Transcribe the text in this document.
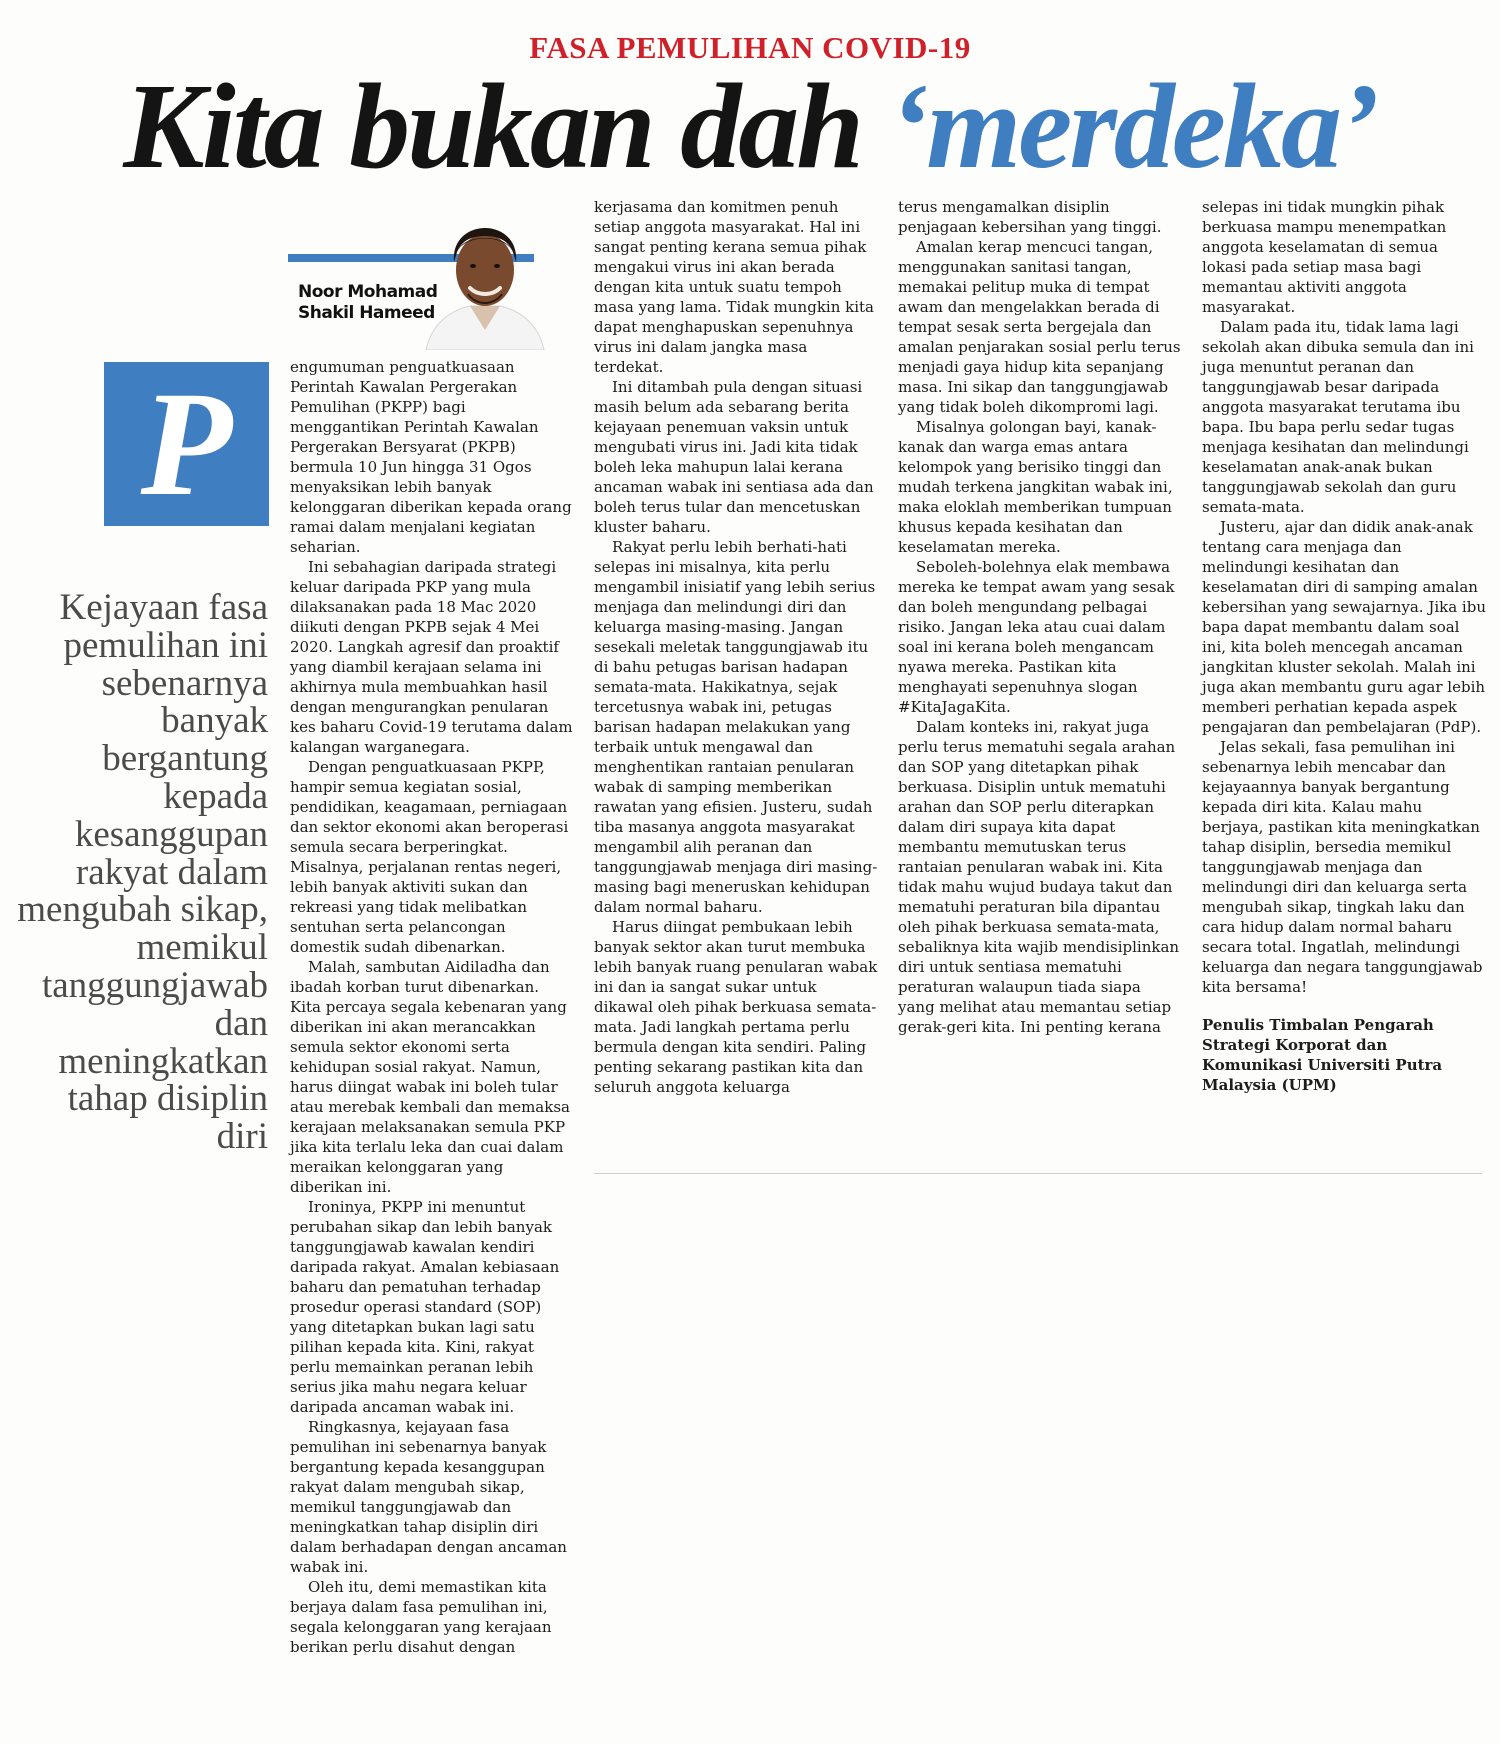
FASA PEMULIHAN COVID-19
Kita bukan dah ‘merdeka’
Noor Mohamad
Shakil Hameed
P
Kejayaan fasa pemulihan ini sebenarnya banyak bergantung kepada kesanggupan rakyat dalam mengubah sikap, memikul tanggungjawab dan meningkatkan tahap disiplin diri

engumuman penguatkuasaan Perintah Kawalan Pergerakan Pemulihan (PKPP) bagi menggantikan Perintah Kawalan Pergerakan Bersyarat (PKPB) bermula 10 Jun hingga 31 Ogos menyaksikan lebih banyak kelonggaran diberikan kepada orang ramai dalam menjalani kegiatan seharian.

Ini sebahagian daripada strategi keluar daripada PKP yang mula dilaksanakan pada 18 Mac 2020 diikuti dengan PKPB sejak 4 Mei 2020. Langkah agresif dan proaktif yang diambil kerajaan selama ini akhirnya mula membuahkan hasil dengan mengurangkan penularan kes baharu Covid-19 terutama dalam kalangan warganegara.

Dengan penguatkuasaan PKPP, hampir semua kegiatan sosial, pendidikan, keagamaan, perniagaan dan sektor ekonomi akan beroperasi semula secara berperingkat. Misalnya, perjalanan rentas negeri, lebih banyak aktiviti sukan dan rekreasi yang tidak melibatkan sentuhan serta pelancongan domestik sudah dibenarkan.

Malah, sambutan Aidiladha dan ibadah korban turut dibenarkan. Kita percaya segala kebenaran yang diberikan ini akan merancakkan semula sektor ekonomi serta kehidupan sosial rakyat. Namun, harus diingat wabak ini boleh tular atau merebak kembali dan memaksa kerajaan melaksanakan semula PKP jika kita terlalu leka dan cuai dalam meraikan kelonggaran yang diberikan ini.

Ironinya, PKPP ini menuntut perubahan sikap dan lebih banyak tanggungjawab kawalan kendiri daripada rakyat. Amalan kebiasaan baharu dan pematuhan terhadap prosedur operasi standard (SOP) yang ditetapkan bukan lagi satu pilihan kepada kita. Kini, rakyat perlu memainkan peranan lebih serius jika mahu negara keluar daripada ancaman wabak ini.

Ringkasnya, kejayaan fasa pemulihan ini sebenarnya banyak bergantung kepada kesanggupan rakyat dalam mengubah sikap, memikul tanggungjawab dan meningkatkan tahap disiplin diri dalam berhadapan dengan ancaman wabak ini.

Oleh itu, demi memastikan kita berjaya dalam fasa pemulihan ini, segala kelonggaran yang kerajaan berikan perlu disahut dengan

kerjasama dan komitmen penuh setiap anggota masyarakat. Hal ini sangat penting kerana semua pihak mengakui virus ini akan berada dengan kita untuk suatu tempoh masa yang lama. Tidak mungkin kita dapat menghapuskan sepenuhnya virus ini dalam jangka masa terdekat.

Ini ditambah pula dengan situasi masih belum ada sebarang berita kejayaan penemuan vaksin untuk mengubati virus ini. Jadi kita tidak boleh leka mahupun lalai kerana ancaman wabak ini sentiasa ada dan boleh terus tular dan mencetuskan kluster baharu.

Rakyat perlu lebih berhati-hati selepas ini misalnya, kita perlu mengambil inisiatif yang lebih serius menjaga dan melindungi diri dan keluarga masing-masing. Jangan sesekali meletak tanggungjawab itu di bahu petugas barisan hadapan semata-mata. Hakikatnya, sejak tercetusnya wabak ini, petugas barisan hadapan melakukan yang terbaik untuk mengawal dan menghentikan rantaian penularan wabak di samping memberikan rawatan yang efisien. Justeru, sudah tiba masanya anggota masyarakat mengambil alih peranan dan tanggungjawab menjaga diri masing-masing bagi meneruskan kehidupan dalam normal baharu.

Harus diingat pembukaan lebih banyak sektor akan turut membuka lebih banyak ruang penularan wabak ini dan ia sangat sukar untuk dikawal oleh pihak berkuasa semata-mata. Jadi langkah pertama perlu bermula dengan kita sendiri. Paling penting sekarang pastikan kita dan seluruh anggota keluarga

terus mengamalkan disiplin penjagaan kebersihan yang tinggi.

Amalan kerap mencuci tangan, menggunakan sanitasi tangan, memakai pelitup muka di tempat awam dan mengelakkan berada di tempat sesak serta bergejala dan amalan penjarakan sosial perlu terus menjadi gaya hidup kita sepanjang masa. Ini sikap dan tanggungjawab yang tidak boleh dikompromi lagi.

Misalnya golongan bayi, kanak-kanak dan warga emas antara kelompok yang berisiko tinggi dan mudah terkena jangkitan wabak ini, maka eloklah memberikan tumpuan khusus kepada kesihatan dan keselamatan mereka.

Seboleh-bolehnya elak membawa mereka ke tempat awam yang sesak dan boleh mengundang pelbagai risiko. Jangan leka atau cuai dalam soal ini kerana boleh mengancam nyawa mereka. Pastikan kita menghayati sepenuhnya slogan #KitaJagaKita.

Dalam konteks ini, rakyat juga perlu terus mematuhi segala arahan dan SOP yang ditetapkan pihak berkuasa. Disiplin untuk mematuhi arahan dan SOP perlu diterapkan dalam diri supaya kita dapat membantu memutuskan terus rantaian penularan wabak ini. Kita tidak mahu wujud budaya takut dan mematuhi peraturan bila dipantau oleh pihak berkuasa semata-mata, sebaliknya kita wajib mendisiplinkan diri untuk sentiasa mematuhi peraturan walaupun tiada siapa yang melihat atau memantau setiap gerak-geri kita. Ini penting kerana

selepas ini tidak mungkin pihak berkuasa mampu menempatkan anggota keselamatan di semua lokasi pada setiap masa bagi memantau aktiviti anggota masyarakat.

Dalam pada itu, tidak lama lagi sekolah akan dibuka semula dan ini juga menuntut peranan dan tanggungjawab besar daripada anggota masyarakat terutama ibu bapa. Ibu bapa perlu sedar tugas menjaga kesihatan dan melindungi keselamatan anak-anak bukan tanggungjawab sekolah dan guru semata-mata.

Justeru, ajar dan didik anak-anak tentang cara menjaga dan melindungi kesihatan dan keselamatan diri di samping amalan kebersihan yang sewajarnya. Jika ibu bapa dapat membantu dalam soal ini, kita boleh mencegah ancaman jangkitan kluster sekolah. Malah ini juga akan membantu guru agar lebih memberi perhatian kepada aspek pengajaran dan pembelajaran (PdP).

Jelas sekali, fasa pemulihan ini sebenarnya lebih mencabar dan kejayaannya banyak bergantung kepada diri kita. Kalau mahu berjaya, pastikan kita meningkatkan tahap disiplin, bersedia memikul tanggungjawab menjaga dan melindungi diri dan keluarga serta mengubah sikap, tingkah laku dan cara hidup dalam normal baharu secara total. Ingatlah, melindungi keluarga dan negara tanggungjawab kita bersama!

Penulis Timbalan Pengarah Strategi Korporat dan Komunikasi Universiti Putra Malaysia (UPM)
